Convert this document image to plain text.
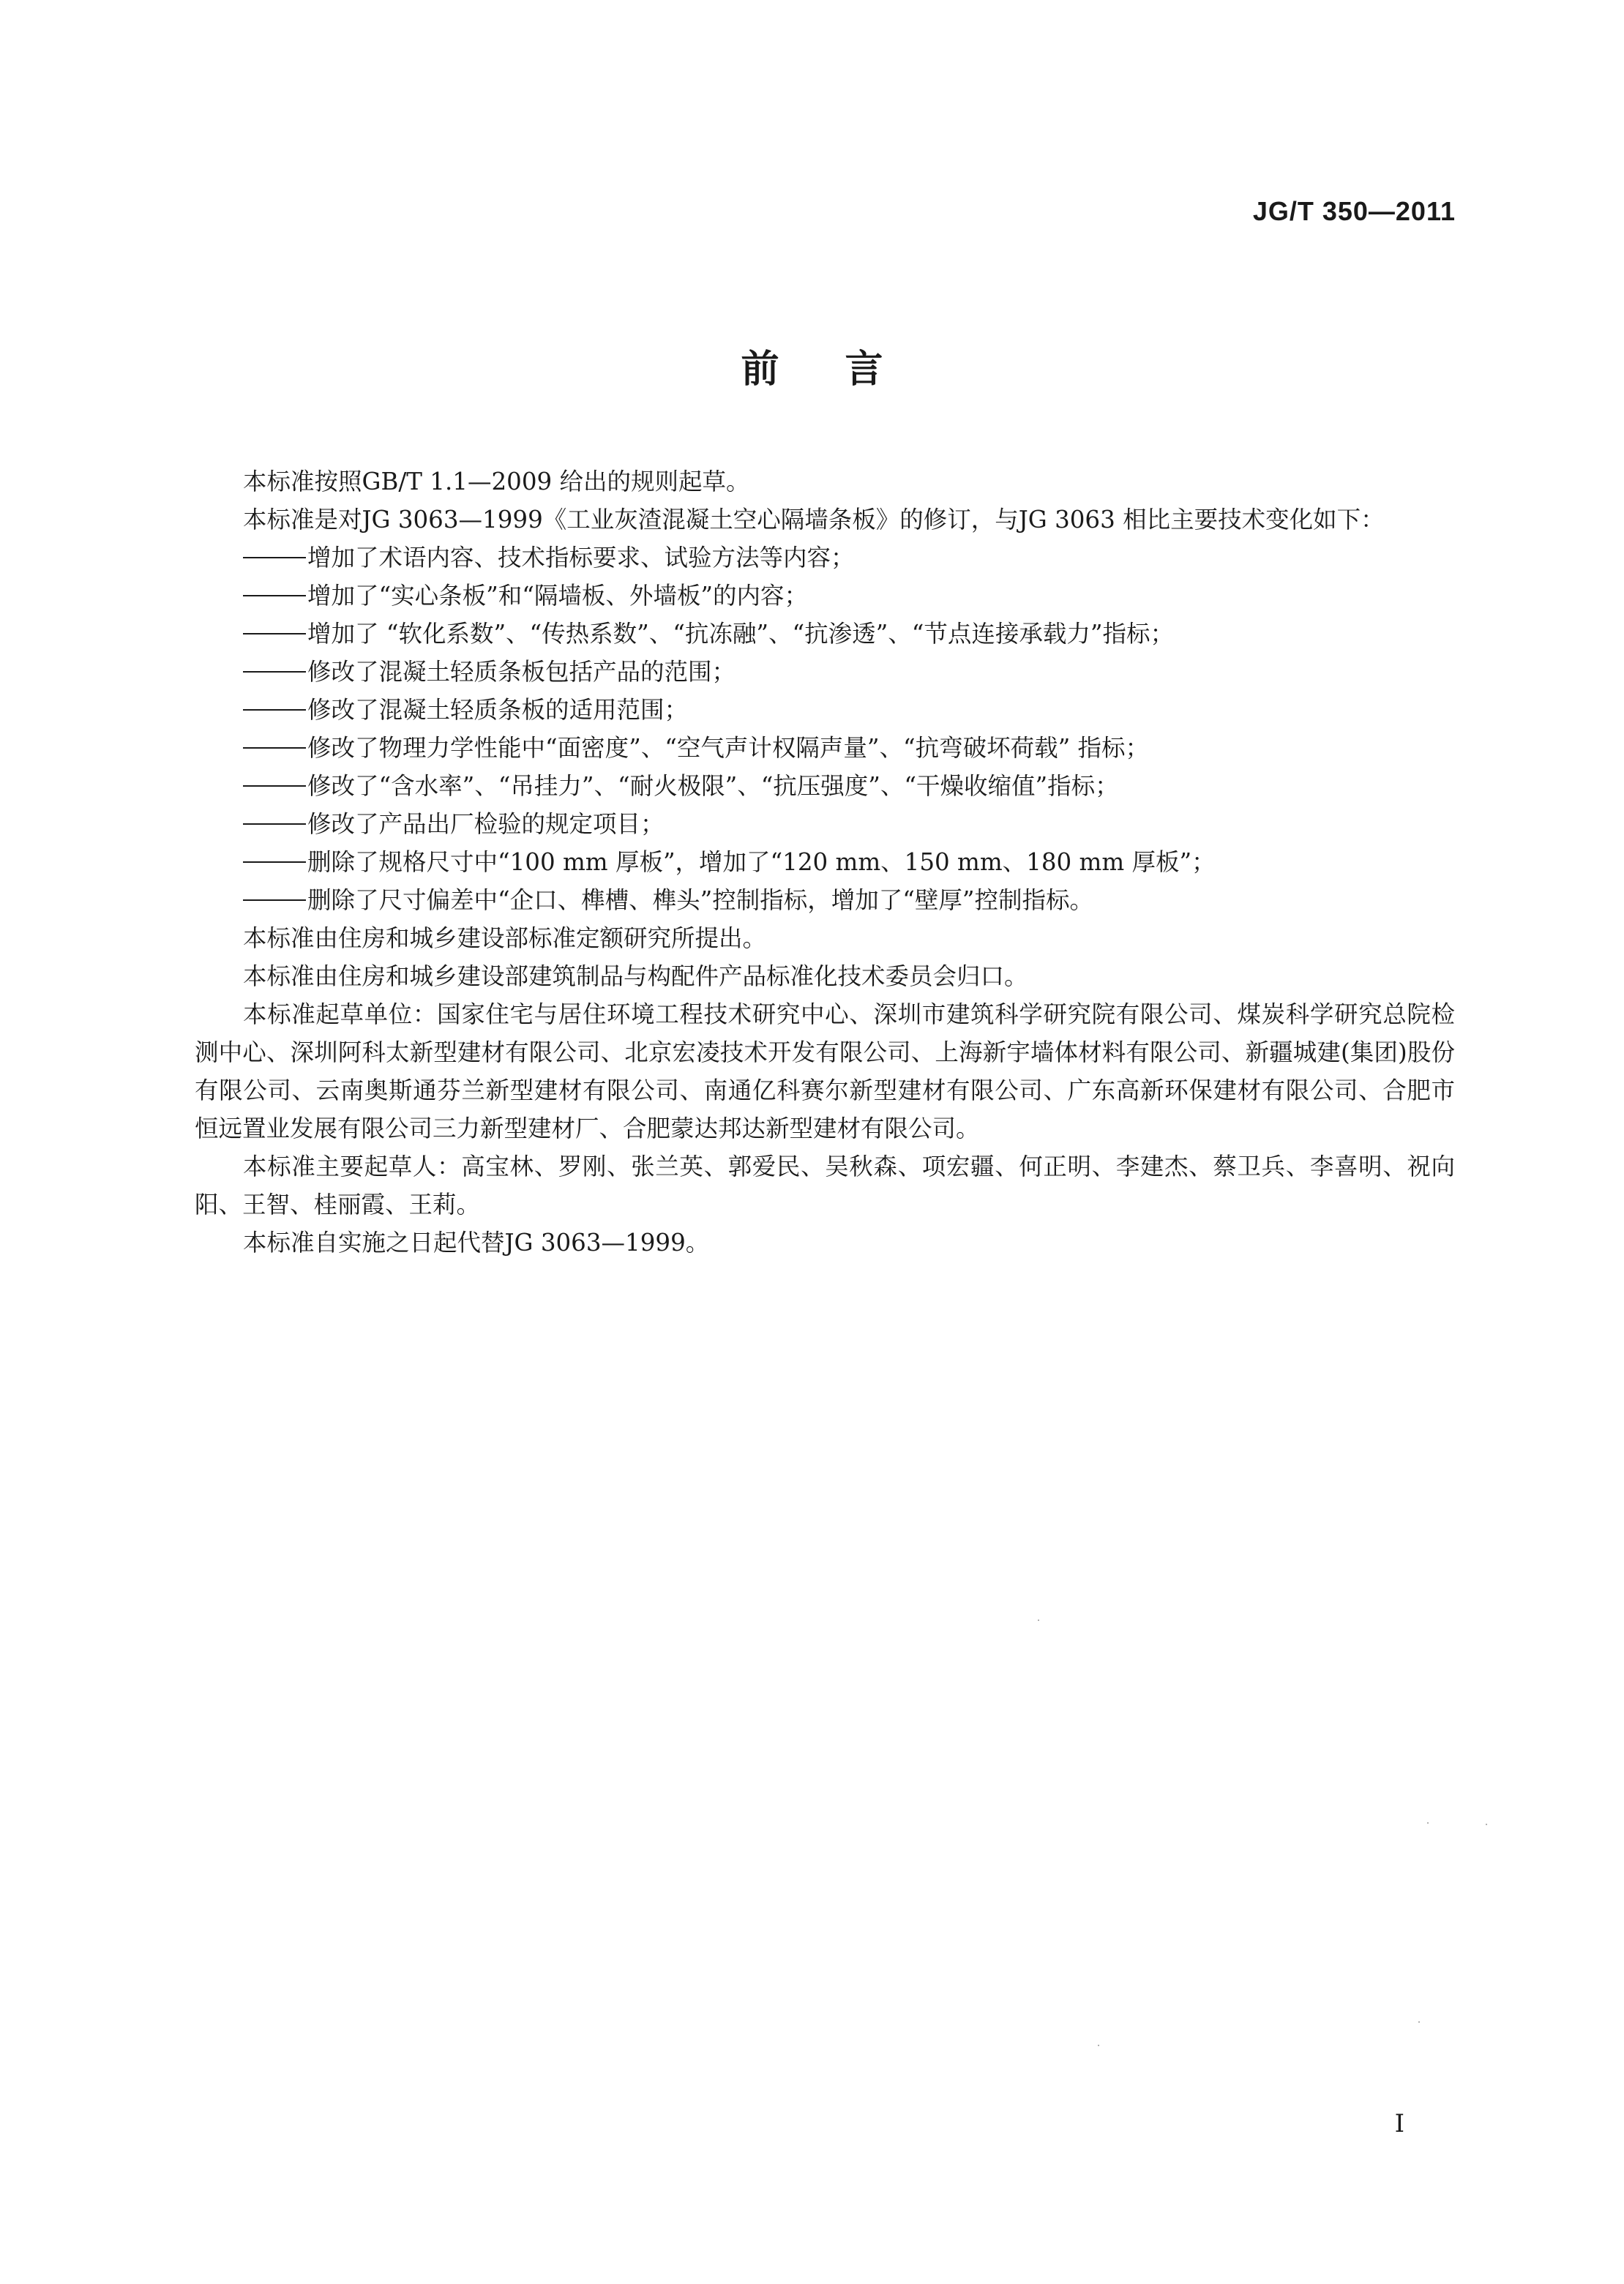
JG/T 350—2011
前言

本标准按照GB/T 1.1—2009 给出的规则起草。

本标准是对JG 3063—1999《工业灰渣混凝土空心隔墙条板》的修订，与JG 3063 相比主要技术变化如下：

增加了术语内容、技术指标要求、试验方法等内容；
增加了“实心条板”和“隔墙板、外墙板”的内容；
增加了 “软化系数”、“传热系数”、“抗冻融”、“抗渗透”、“节点连接承载力”指标；
修改了混凝土轻质条板包括产品的范围；
修改了混凝土轻质条板的适用范围；
修改了物理力学性能中“面密度”、“空气声计权隔声量”、“抗弯破坏荷载” 指标；
修改了“含水率”、“吊挂力”、“耐火极限”、“抗压强度”、“干燥收缩值”指标；
修改了产品出厂检验的规定项目；
删除了规格尺寸中“100 mm 厚板”，增加了“120 mm、150 mm、180 mm 厚板”；
删除了尺寸偏差中“企口、榫槽、榫头”控制指标，增加了“壁厚”控制指标。

本标准由住房和城乡建设部标准定额研究所提出。

本标准由住房和城乡建设部建筑制品与构配件产品标准化技术委员会归口。

本标准起草单位：国家住宅与居住环境工程技术研究中心、深圳市建筑科学研究院有限公司、煤炭科学研究总院检测中心、深圳阿科太新型建材有限公司、北京宏凌技术开发有限公司、上海新宇墙体材料有限公司、新疆城建(集团)股份有限公司、云南奥斯通芬兰新型建材有限公司、南通亿科赛尔新型建材有限公司、广东高新环保建材有限公司、合肥市恒远置业发展有限公司三力新型建材厂、合肥蒙达邦达新型建材有限公司。

本标准主要起草人：高宝林、罗刚、张兰英、郭爱民、吴秋森、项宏疆、何正明、李建杰、蔡卫兵、李喜明、祝向阳、王智、桂丽霞、王莉。

本标准自实施之日起代替JG 3063—1999。

I
